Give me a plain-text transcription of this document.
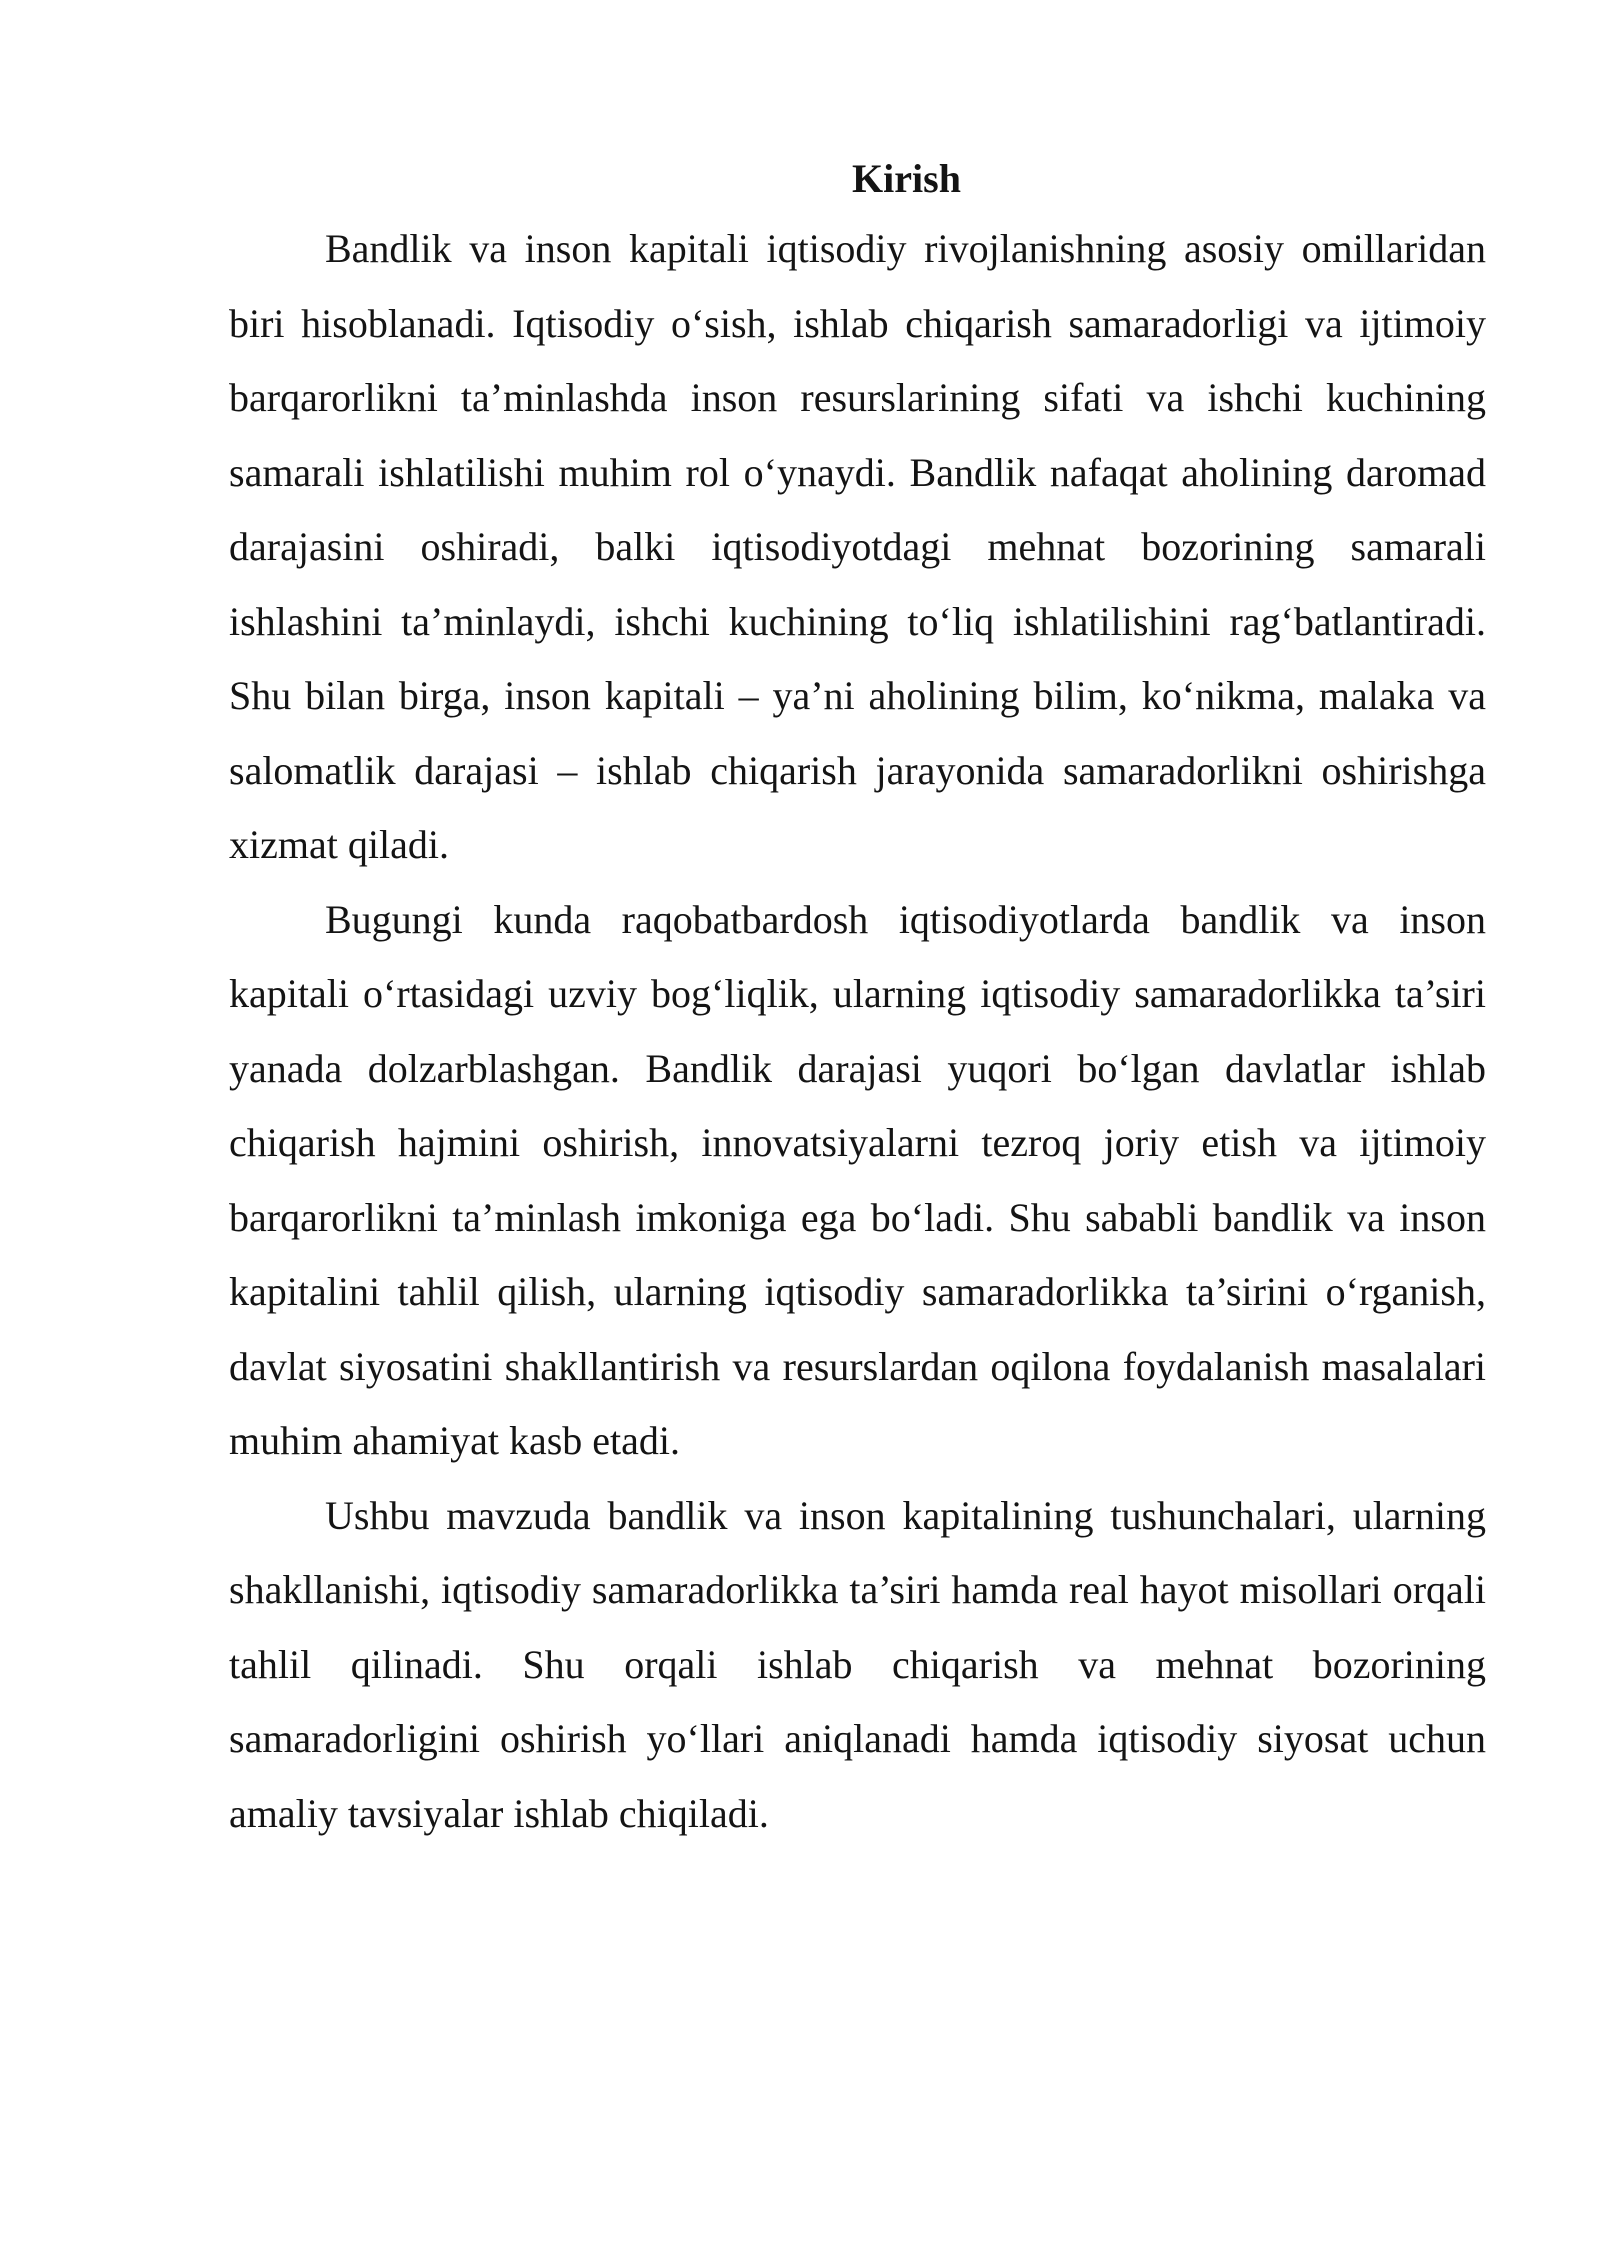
Kirish

Bandlik va inson kapitali iqtisodiy rivojlanishning asosiy omillaridan biri hisoblanadi. Iqtisodiy o‘sish, ishlab chiqarish samaradorligi va ijtimoiy barqarorlikni ta’minlashda inson resurslarining sifati va ishchi kuchining samarali ishlatilishi muhim rol o‘ynaydi. Bandlik nafaqat aholining daromad darajasini oshiradi, balki iqtisodiyotdagi mehnat bozorining samarali ishlashini ta’minlaydi, ishchi kuchining to‘liq ishlatilishini rag‘batlantiradi. Shu bilan birga, inson kapitali – ya’ni aholining bilim, ko‘nikma, malaka va salomatlik darajasi – ishlab chiqarish jarayonida samaradorlikni oshirishga xizmat qiladi.

Bugungi kunda raqobatbardosh iqtisodiyotlarda bandlik va inson kapitali o‘rtasidagi uzviy bog‘liqlik, ularning iqtisodiy samaradorlikka ta’siri yanada dolzarblashgan. Bandlik darajasi yuqori bo‘lgan davlatlar ishlab chiqarish hajmini oshirish, innovatsiyalarni tezroq joriy etish va ijtimoiy barqarorlikni ta’minlash imkoniga ega bo‘ladi. Shu sababli bandlik va inson kapitalini tahlil qilish, ularning iqtisodiy samaradorlikka ta’sirini o‘rganish, davlat siyosatini shakllantirish va resurslardan oqilona foydalanish masalalari muhim ahamiyat kasb etadi.

Ushbu mavzuda bandlik va inson kapitalining tushunchalari, ularning shakllanishi, iqtisodiy samaradorlikka ta’siri hamda real hayot misollari orqali tahlil qilinadi. Shu orqali ishlab chiqarish va mehnat bozorining samaradorligini oshirish yo‘llari aniqlanadi hamda iqtisodiy siyosat uchun amaliy tavsiyalar ishlab chiqiladi.
